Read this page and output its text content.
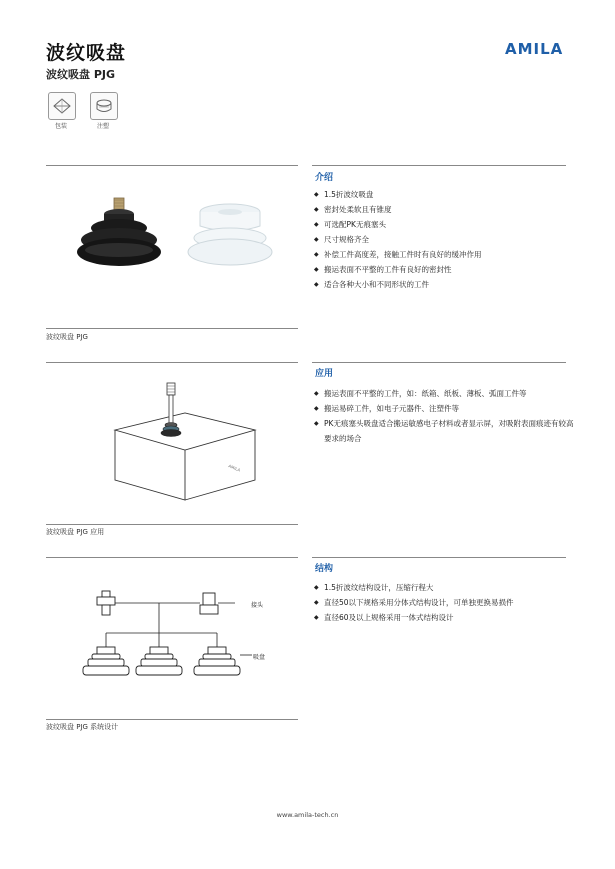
波纹吸盘
波纹吸盘 PJG
AMILA
包装	注塑
介绍
◆ 1.5折波纹吸盘
◆ 密封处柔软且有锥度
◆ 可选配PK无痕塞头
◆ 尺寸规格齐全
◆ 补偿工件高度差，接触工件时有良好的缓冲作用
◆ 搬运表面不平整的工件有良好的密封性
◆ 适合各种大小和不同形状的工件
波纹吸盘 PJG
AMILA
应用
◆ 搬运表面不平整的工件，如：纸箱、纸板、薄板、弧面工件等
◆ 搬运易碎工件，如电子元器件、注塑件等
◆ PK无痕塞头吸盘适合搬运敏感电子材料或者显示屏，对吸附表面痕迹有较高要求的场合
波纹吸盘 PJG 应用
接头
吸盘
结构
◆ 1.5折波纹结构设计，压缩行程大
◆ 直径50以下规格采用分体式结构设计，可单独更换易损件
◆ 直径60及以上规格采用一体式结构设计
波纹吸盘 PJG 系统设计
www.amila-tech.cn
